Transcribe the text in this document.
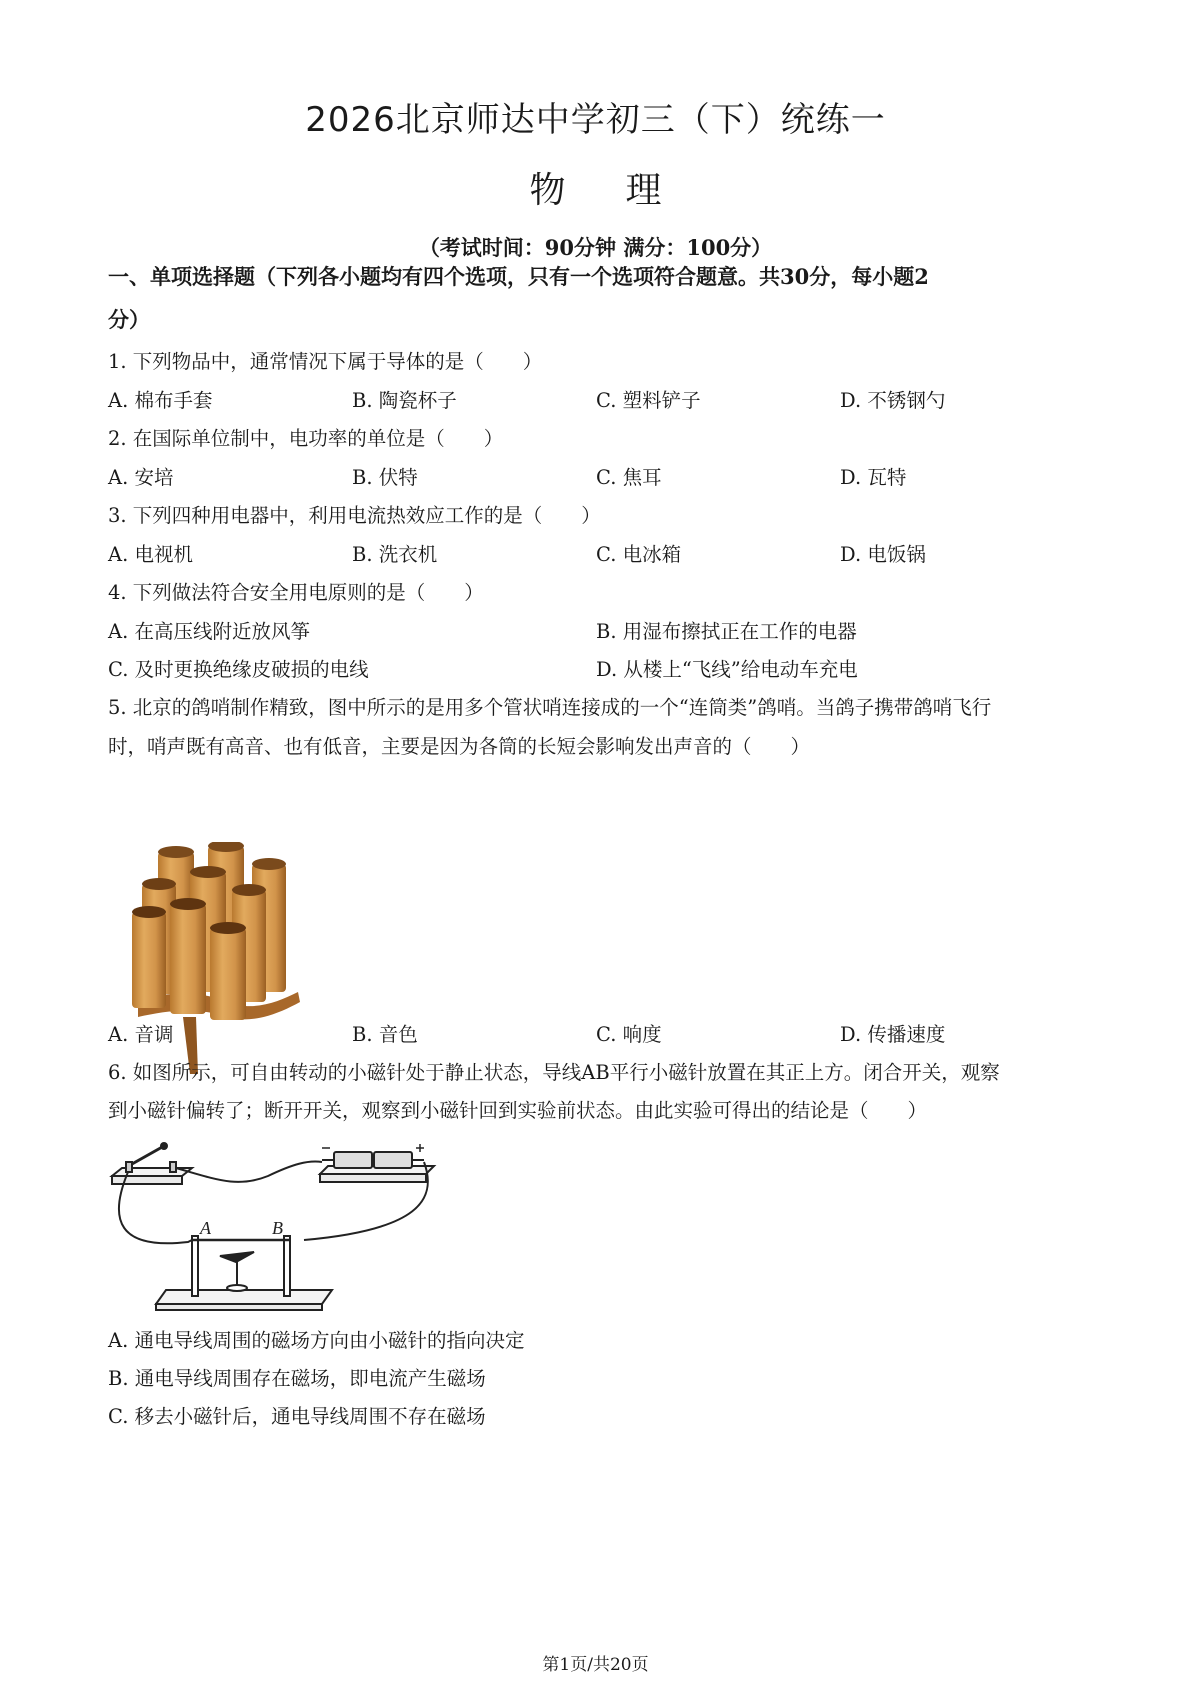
2026北京师达中学初三（下）统练一
物理
（考试时间：90分钟 满分：100分）
一、单项选择题（下列各小题均有四个选项，只有一个选项符合题意。共30分，每小题2
分）
1. 下列物品中，通常情况下属于导体的是（　　）
A. 棉布手套	B. 陶瓷杯子	C. 塑料铲子	D. 不锈钢勺
2. 在国际单位制中，电功率的单位是（　　）
A. 安培	B. 伏特	C. 焦耳	D. 瓦特
3. 下列四种用电器中，利用电流热效应工作的是（　　）
A. 电视机	B. 洗衣机	C. 电冰箱	D. 电饭锅
4. 下列做法符合安全用电原则的是（　　）
A. 在高压线附近放风筝	B. 用湿布擦拭正在工作的电器
C. 及时更换绝缘皮破损的电线	D. 从楼上“飞线”给电动车充电
5. 北京的鸽哨制作精致，图中所示的是用多个管状哨连接成的一个“连筒类”鸽哨。当鸽子携带鸽哨飞行
时，哨声既有高音、也有低音，主要是因为各筒的长短会影响发出声音的（　　）
A. 音调	B. 音色	C. 响度	D. 传播速度
6. 如图所示，可自由转动的小磁针处于静止状态，导线AB平行小磁针放置在其正上方。闭合开关，观察
到小磁针偏转了；断开开关，观察到小磁针回到实验前状态。由此实验可得出的结论是（　　）
A	B
A. 通电导线周围的磁场方向由小磁针的指向决定
B. 通电导线周围存在磁场，即电流产生磁场
C. 移去小磁针后，通电导线周围不存在磁场
第1页/共20页
